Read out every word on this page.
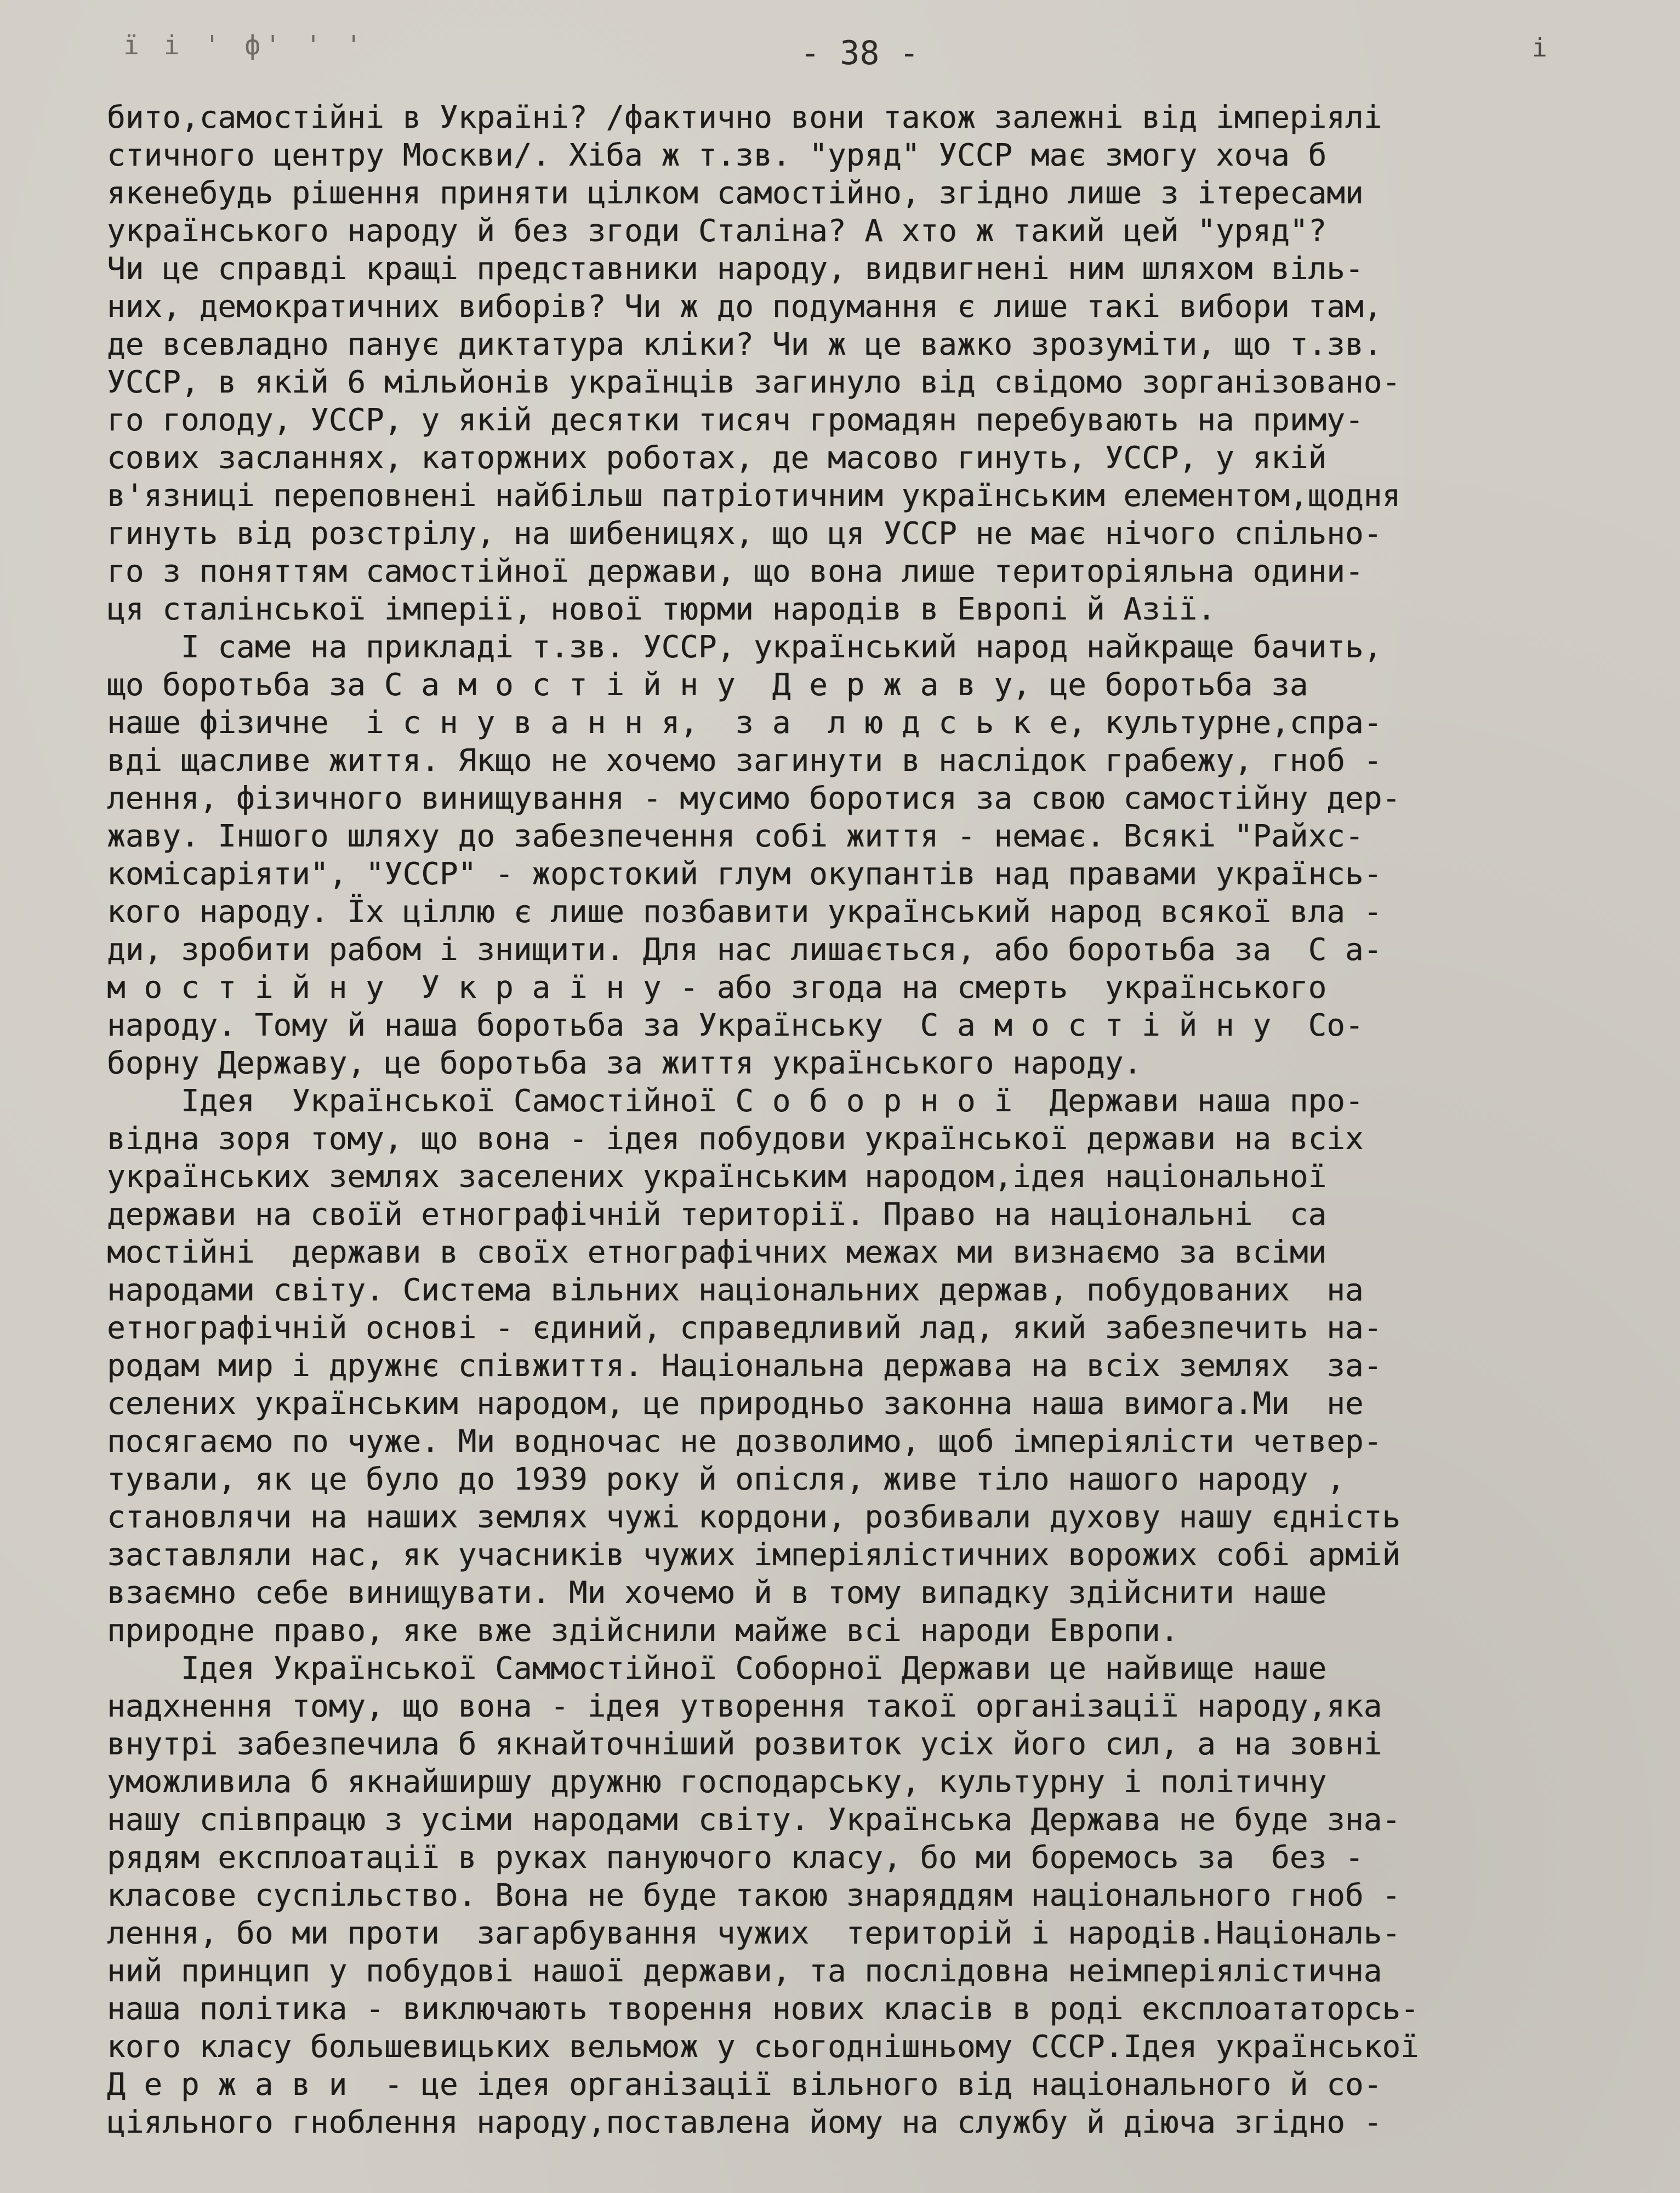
ї і ' ф' ' '	- 38 -	і
бито,самостійні в Україні? /фактично вони також залежні від імперіялі
стичного центру Москви/. Хіба ж т.зв. "уряд" УССР має змогу хоча б
якенебудь рішення приняти цілком самостійно, згідно лише з ітересами
українського народу й без згоди Сталіна? А хто ж такий цей "уряд"?
Чи це справді кращі представники народу, видвигнені ним шляхом віль-
них, демократичних виборів? Чи ж до подумання є лише такі вибори там,
де всевладно панує диктатура кліки? Чи ж це важко зрозуміти, що т.зв.
УССР, в якій 6 мільйонів українців загинуло від свідомо зорганізовано-
го голоду, УССР, у якій десятки тисяч громадян перебувають на приму-
сових засланнях, каторжних роботах, де масово гинуть, УССР, у якій
в'язниці переповнені найбільш патріотичним українським елементом,щодня
гинуть від розстрілу, на шибеницях, що ця УССР не має нічого спільно-
го з поняттям самостійної держави, що вона лише територіяльна одини-
ця сталінської імперії, нової тюрми народів в Европі й Азії.
І саме на прикладі т.зв. УССР, український народ найкраще бачить,
що боротьба за С а м о с т і й н у  Д е р ж а в у, це боротьба за
наше фізичне  і с н у в а н н я,  з а  л ю д с ь к е, культурне,спра-
вді щасливе життя. Якщо не хочемо загинути в наслідок грабежу, гноб -
лення, фізичного винищування - мусимо боротися за свою самостійну дер-
жаву. Іншого шляху до забезпечення собі життя - немає. Всякі "Райхс-
комісаріяти", "УССР" - жорстокий глум окупантів над правами українсь-
кого народу. Їх ціллю є лише позбавити український народ всякої вла -
ди, зробити рабом і знищити. Для нас лишається, або боротьба за  С а-
м о с т і й н у  У к р а ї н у - або згода на смерть  українського
народу. Тому й наша боротьба за Українську  С а м о с т і й н у  Со-
борну Державу, це боротьба за життя українського народу.
Ідея  Української Самостійної С о б о р н о ї  Держави наша про-
відна зоря тому, що вона - ідея побудови української держави на всіх
українських землях заселених українським народом,ідея національної
держави на своїй етнографічній території. Право на національні  са
мостійні  держави в своїх етнографічних межах ми визнаємо за всіми
народами світу. Система вільних національних держав, побудованих  на
етнографічній основі - єдиний, справедливий лад, який забезпечить на-
родам мир і дружнє співжиття. Національна держава на всіх землях  за-
селених українським народом, це природньо законна наша вимога.Ми  не
посягаємо по чуже. Ми водночас не дозволимо, щоб імперіялісти четвер-
тували, як це було до 1939 року й опісля, живе тіло нашого народу ,
становлячи на наших землях чужі кордони, розбивали духову нашу єдність
заставляли нас, як учасників чужих імперіялістичних ворожих собі армій
взаємно себе винищувати. Ми хочемо й в тому випадку здійснити наше
природне право, яке вже здійснили майже всі народи Европи.
Ідея Української Саммостійної Соборної Держави це найвище наше
надхнення тому, що вона - ідея утворення такої організації народу,яка
внутрі забезпечила б якнайточніший розвиток усіх його сил, а на зовні
уможливила б якнайширшу дружню господарську, культурну і політичну
нашу співпрацю з усіми народами світу. Українська Держава не буде зна-
рядям експлоатації в руках пануючого класу, бо ми боремось за  без -
класове суспільство. Вона не буде такою знаряддям національного гноб -
лення, бо ми проти  загарбування чужих  територій і народів.Національ-
ний принцип у побудові нашої держави, та послідовна неімперіялістична
наша політика - виключають творення нових класів в роді експлоататорсь-
кого класу большевицьких вельмож у сьогоднішньому СССР.Ідея української
Д е р ж а в и  - це ідея організації вільного від національного й со-
ціяльного гноблення народу,поставлена йому на службу й діюча згідно -
